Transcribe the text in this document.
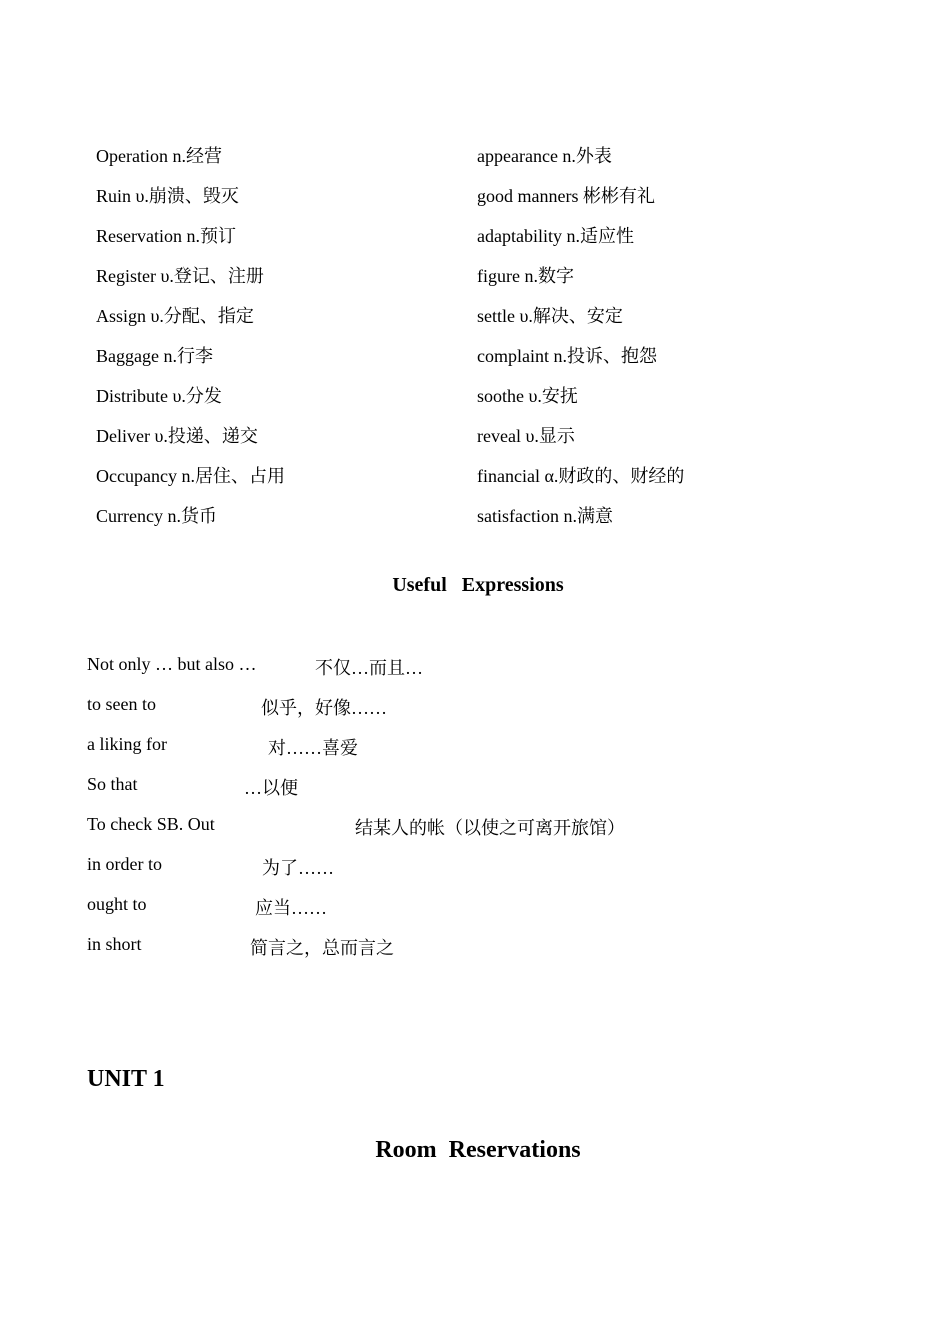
Operation n.经营	appearance n.外表
Ruin υ.崩溃、毁灭	good manners 彬彬有礼
Reservation n.预订	adaptability n.适应性
Register υ.登记、注册	figure n.数字
Assign υ.分配、指定	settle υ.解决、安定
Baggage n.行李	complaint n.投诉、抱怨
Distribute υ.分发	soothe υ.安抚
Deliver υ.投递、递交	reveal υ.显示
Occupancy n.居住、占用	financial α.财政的、财经的
Currency n.货币	satisfaction n.满意
Useful   Expressions
Not only … but also …	不仅…而且…
to seen to	似乎，好像……
a liking for	对……喜爱
So that	…以便
To check SB. Out	结某人的帐（以使之可离开旅馆）
in order to	为了……
ought to	应当……
in short	简言之，总而言之
UNIT 1
Room  Reservations
